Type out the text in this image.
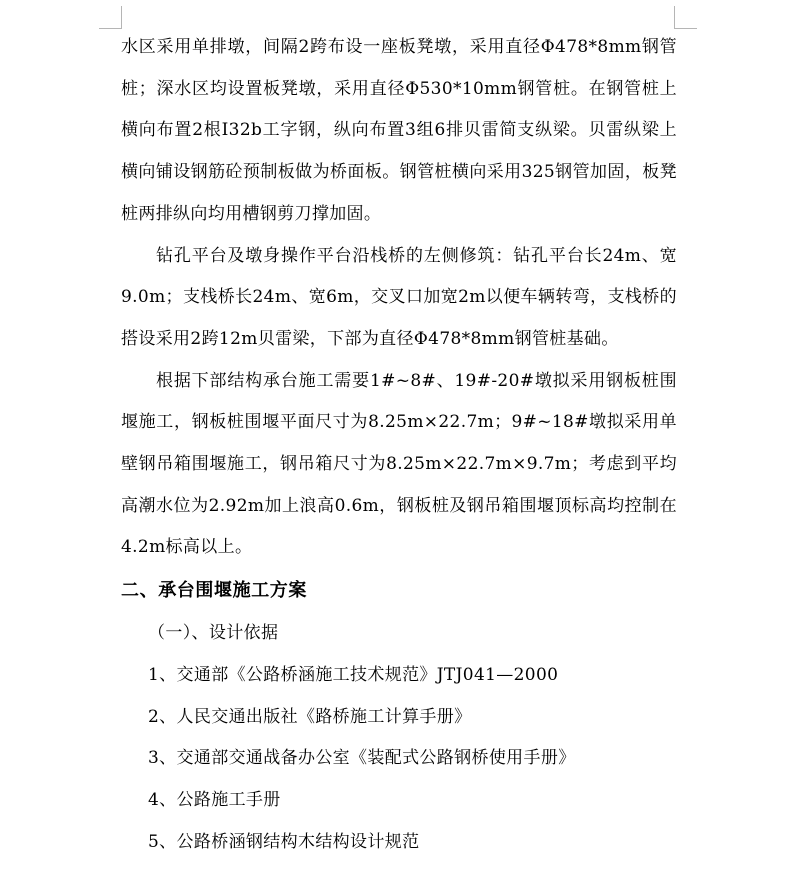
水区采用单排墩，间隔2跨布设一座板凳墩，采用直径Φ478*8mm钢管桩；深水区均设置板凳墩，采用直径Φ530*10mm钢管桩。在钢管桩上横向布置2根I32b工字钢，纵向布置3组6排贝雷简支纵梁。贝雷纵梁上横向铺设钢筋砼预制板做为桥面板。钢管桩横向采用325钢管加固，板凳桩两排纵向均用槽钢剪刀撑加固。

钻孔平台及墩身操作平台沿栈桥的左侧修筑：钻孔平台长24m、宽9.0m；支栈桥长24m、宽6m，交叉口加宽2m以便车辆转弯，支栈桥的搭设采用2跨12m贝雷梁，下部为直径Φ478*8mm钢管桩基础。

根据下部结构承台施工需要1#~8#、19#-20#墩拟采用钢板桩围堰施工，钢板桩围堰平面尺寸为8.25m×22.7m；9#~18#墩拟采用单壁钢吊箱围堰施工，钢吊箱尺寸为8.25m×22.7m×9.7m；考虑到平均高潮水位为2.92m加上浪高0.6m，钢板桩及钢吊箱围堰顶标高均控制在4.2m标高以上。

二、承台围堰施工方案

（一）、设计依据

1、交通部《公路桥涵施工技术规范》JTJ041—2000

2、人民交通出版社《路桥施工计算手册》

3、交通部交通战备办公室《装配式公路钢桥使用手册》

4、公路施工手册

5、公路桥涵钢结构木结构设计规范
